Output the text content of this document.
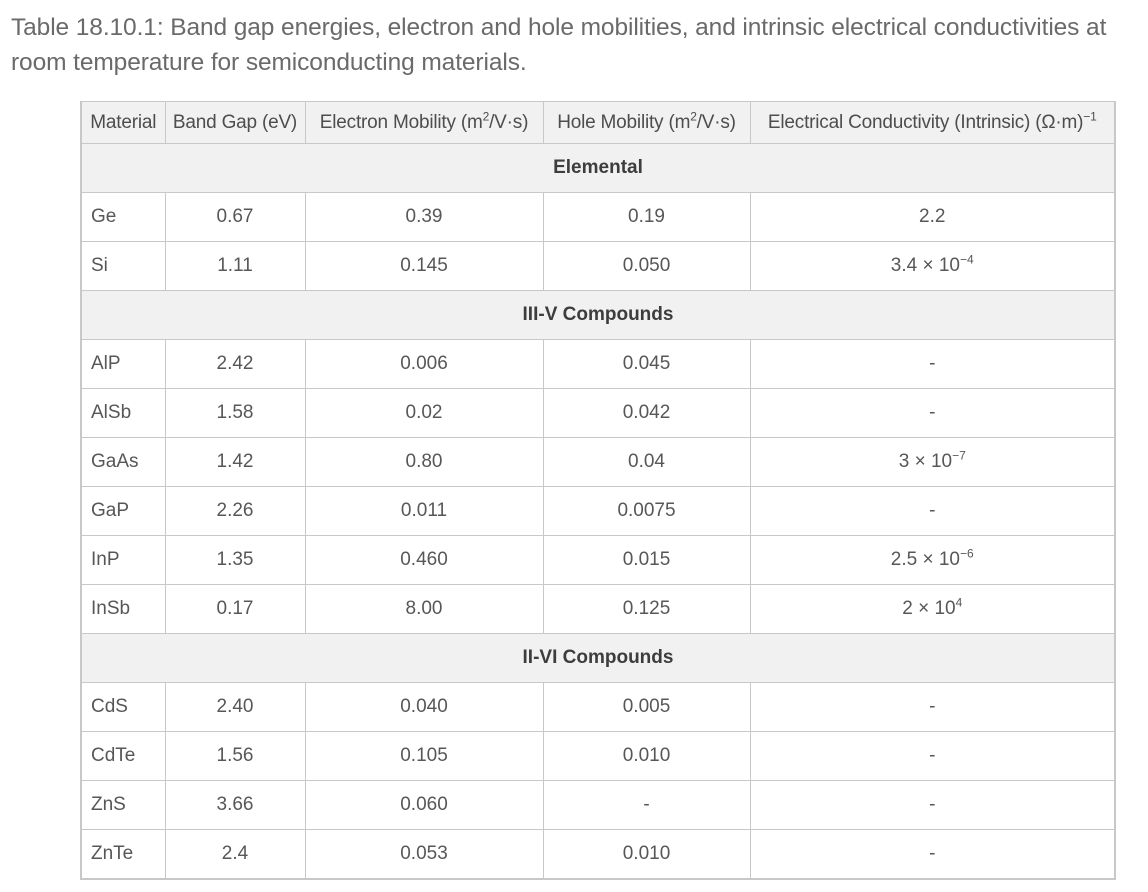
Table 18.10.1: Band gap energies, electron and hole mobilities, and intrinsic electrical conductivities at room temperature for semiconducting materials.
Material	Band Gap (eV)	Electron Mobility $(m^2/V\cdot s)$	Hole Mobility $(m^2/V\cdot s)$	Electrical Conductivity (Intrinsic) $(\Omega\cdot m)^{-1}$
Elemental				
Ge	0.67	0.39	0.19	2.2
Si	1.11	0.145	0.050	$3.4 \times 10^{-4}$
III-V Compounds				
AlP	2.42	0.006	0.045	-
AlSb	1.58	0.02	0.042	-
GaAs	1.42	0.80	0.04	$3 \times 10^{-7}$
GaP	2.26	0.011	0.0075	-
InP	1.35	0.460	0.015	$2.5 \times 10^{-6}$
InSb	0.17	8.00	0.125	$2 \times 10^4$
II-VI Compounds				
CdS	2.40	0.040	0.005	-
CdTe	1.56	0.105	0.010	-
ZnS	3.66	0.060	-	-
ZnTe	2.4	0.053	0.010	-
